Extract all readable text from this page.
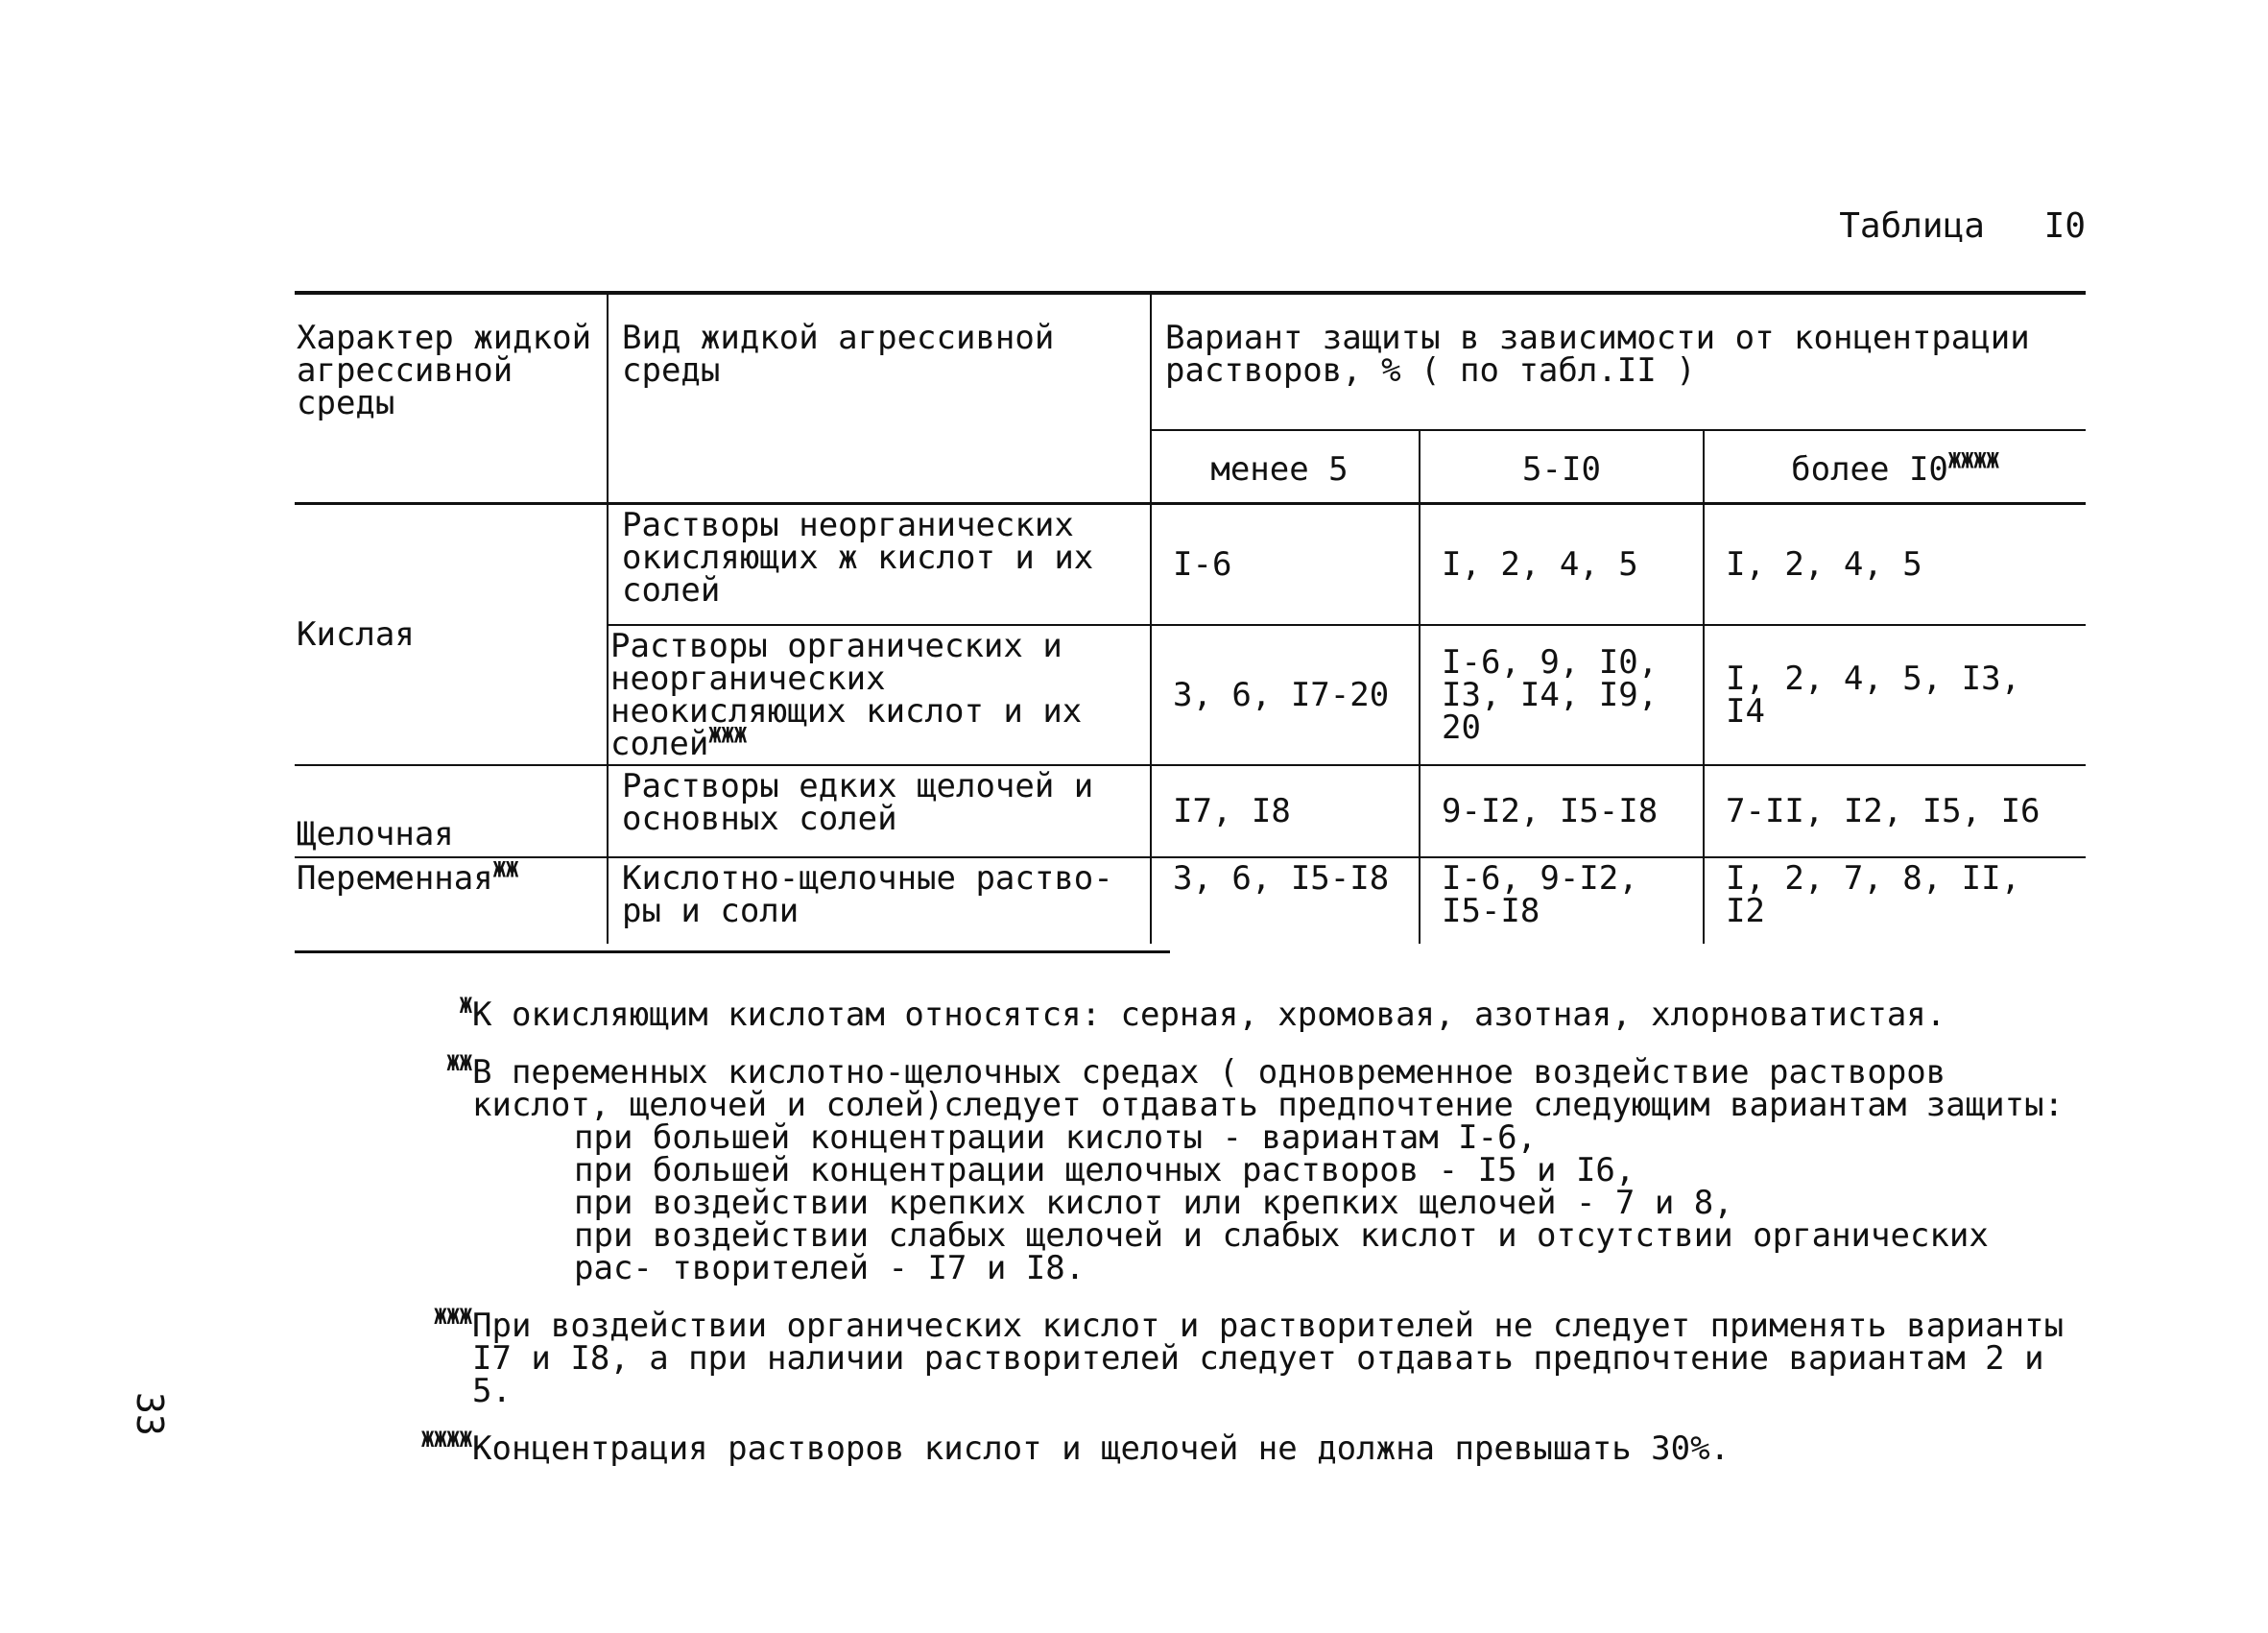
Таблица I0
Характер жидкой агрессивной среды	Вид жидкой агрессивной среды	Вариант защиты в зависимости от концентрации растворов, % ( по табл.II )		
		менее 5	5-I0	более $I0^{ЖЖЖЖ}$
Кислая	Растворы неорганических окисляющих ж кислот и их солей	I-6	I, 2, 4, 5	I, 2, 4, 5
	Растворы органических и неорганических неокисляющих кислот и их солей$^{ЖЖЖ}$	3, 6, I7-20	I-6, 9, I0, I3, I4, I9, 20	I, 2, 4, 5, I3, I4
Щелочная	Растворы едких щелочей и основных солей	I7, I8	9-I2, I5-I8	7-II, I2, I5, I6
Переменная$^{ЖЖ}$	Кислотно-щелочные раство- ры и соли	3, 6, I5-I8	I-6, 9-I2, I5-I8	I, 2, 7, 8, II, I2
Ж К окисляющим кислотам относятся: серная, хромовая, азотная, хлорноватистая.
ЖЖ В переменных кислотно-щелочных средах ( одновременное воздействие растворов кислот, щелочей и солей)следует отдавать предпочтение следующим вариантам защиты:
при большей концентрации кислоты - вариантам I-6,
при большей концентрации щелочных растворов - I5 и I6,
при воздействии крепких кислот или крепких щелочей - 7 и 8,
при воздействии слабых щелочей и слабых кислот и отсутствии органических рас- творителей - I7 и I8.
ЖЖЖ При воздействии органических кислот и растворителей не следует применять варианты I7 и I8, а при наличии растворителей следует отдавать предпочтение вариантам 2 и 5.
ЖЖЖЖ Концентрация растворов кислот и щелочей не должна превышать 30%.
33
